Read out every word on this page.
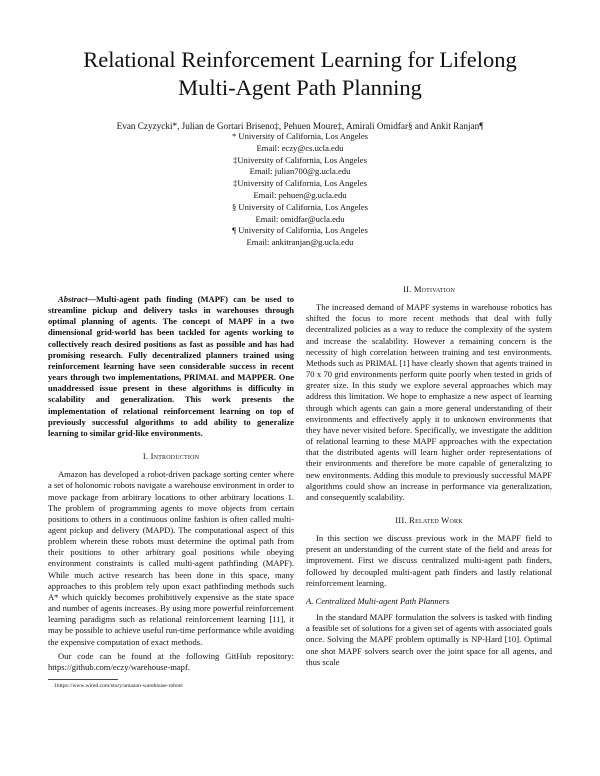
Relational Reinforcement Learning for Lifelong
Multi-Agent Path Planning
Evan Czyzycki*, Julian de Gortari Briseno‡, Pehuen Moure‡, Amirali Omidfar§ and Ankit Ranjan¶
* University of California, Los Angeles
Email: eczy@cs.ucla.edu
‡University of California, Los Angeles
Email: julian700@g.ucla.edu
‡University of California, Los Angeles
Email: pehuen@g.ucla.edu
§ University of California, Los Angeles
Email: omidfar@ucla.edu
¶ University of California, Los Angeles
Email: ankitranjan@g.ucla.edu

Abstract—Multi-agent path finding (MAPF) can be used to streamline pickup and delivery tasks in warehouses through optimal planning of agents. The concept of MAPF in a two dimensional grid-world has been tackled for agents working to collectively reach desired positions as fast as possible and has had promising research. Fully decentralized planners trained using reinforcement learning have seen considerable success in recent years through two implementations, PRIMAL and MAPPER. One unaddressed issue present in these algorithms is difficulty in scalability and generalization. This work presents the implementation of relational reinforcement learning on top of previously successful algorithms to add ability to generalize learning to similar grid-like environments.

I. Introduction

Amazon has developed a robot-driven package sorting center where a set of holonomic robots navigate a warehouse environment in order to move package from arbitrary locations to other arbitrary locations 1. The problem of programming agents to move objects from certain positions to others in a continuous online fashion is often called multi-agent pickup and delivery (MAPD). The computational aspect of this problem wherein these robots must determine the optimal path from their positions to other arbitrary goal positions while obeying environment constraints is called multi-agent pathfinding (MAPF). While much active research has been done in this space, many approaches to this problem rely upon exact pathfinding methods such A* which quickly becomes prohibitively expensive as the state space and number of agents increases. By using more powerful reinforcement learning paradigms such as relational reinforcement learning [11], it may be possible to achieve useful run-time performance while avoiding the expensive computation of exact methods.

Our code can be found at the following GitHub repository: https://github.com/eczy/warehouse-mapf.

1https://www.wired.com/story/amazon-warehouse-robots
II. Motivation

The increased demand of MAPF systems in warehouse robotics has shifted the focus to more recent methods that deal with fully decentralized policies as a way to reduce the complexity of the system and increase the scalability. However a remaining concern is the necessity of high correlation between training and test environments. Methods such as PRIMAL [1] have clearly shown that agents trained in 70 x 70 grid environments perform quite poorly when tested in grids of greater size. In this study we explore several approaches which may address this limitation. We hope to emphasize a new aspect of learning through which agents can gain a more general understanding of their environments and effectively apply it to unknown environments that they have never visited before. Specifically, we investigate the addition of relational learning to these MAPF approaches with the expectation that the distributed agents will learn higher order representations of their environments and therefore be more capable of generalizing to new environments. Adding this module to previously successful MAPF algorithms could show an increase in performance via generalization, and consequently scalability.

III. Related Work

In this section we discuss previous work in the MAPF field to present an understanding of the current state of the field and areas for improvement. First we discuss centralized multi-agent path finders, followed by decoupled multi-agent path finders and lastly relational reinforcement learning.

A. Centralized Multi-agent Path Planners

In the standard MAPF formulation the solvers is tasked with finding a feasible set of solutions for a given set of agents with associated goals once. Solving the MAPF problem optimally is NP-Hard [10]. Optimal one shot MAPF solvers search over the joint space for all agents, and thus scale
